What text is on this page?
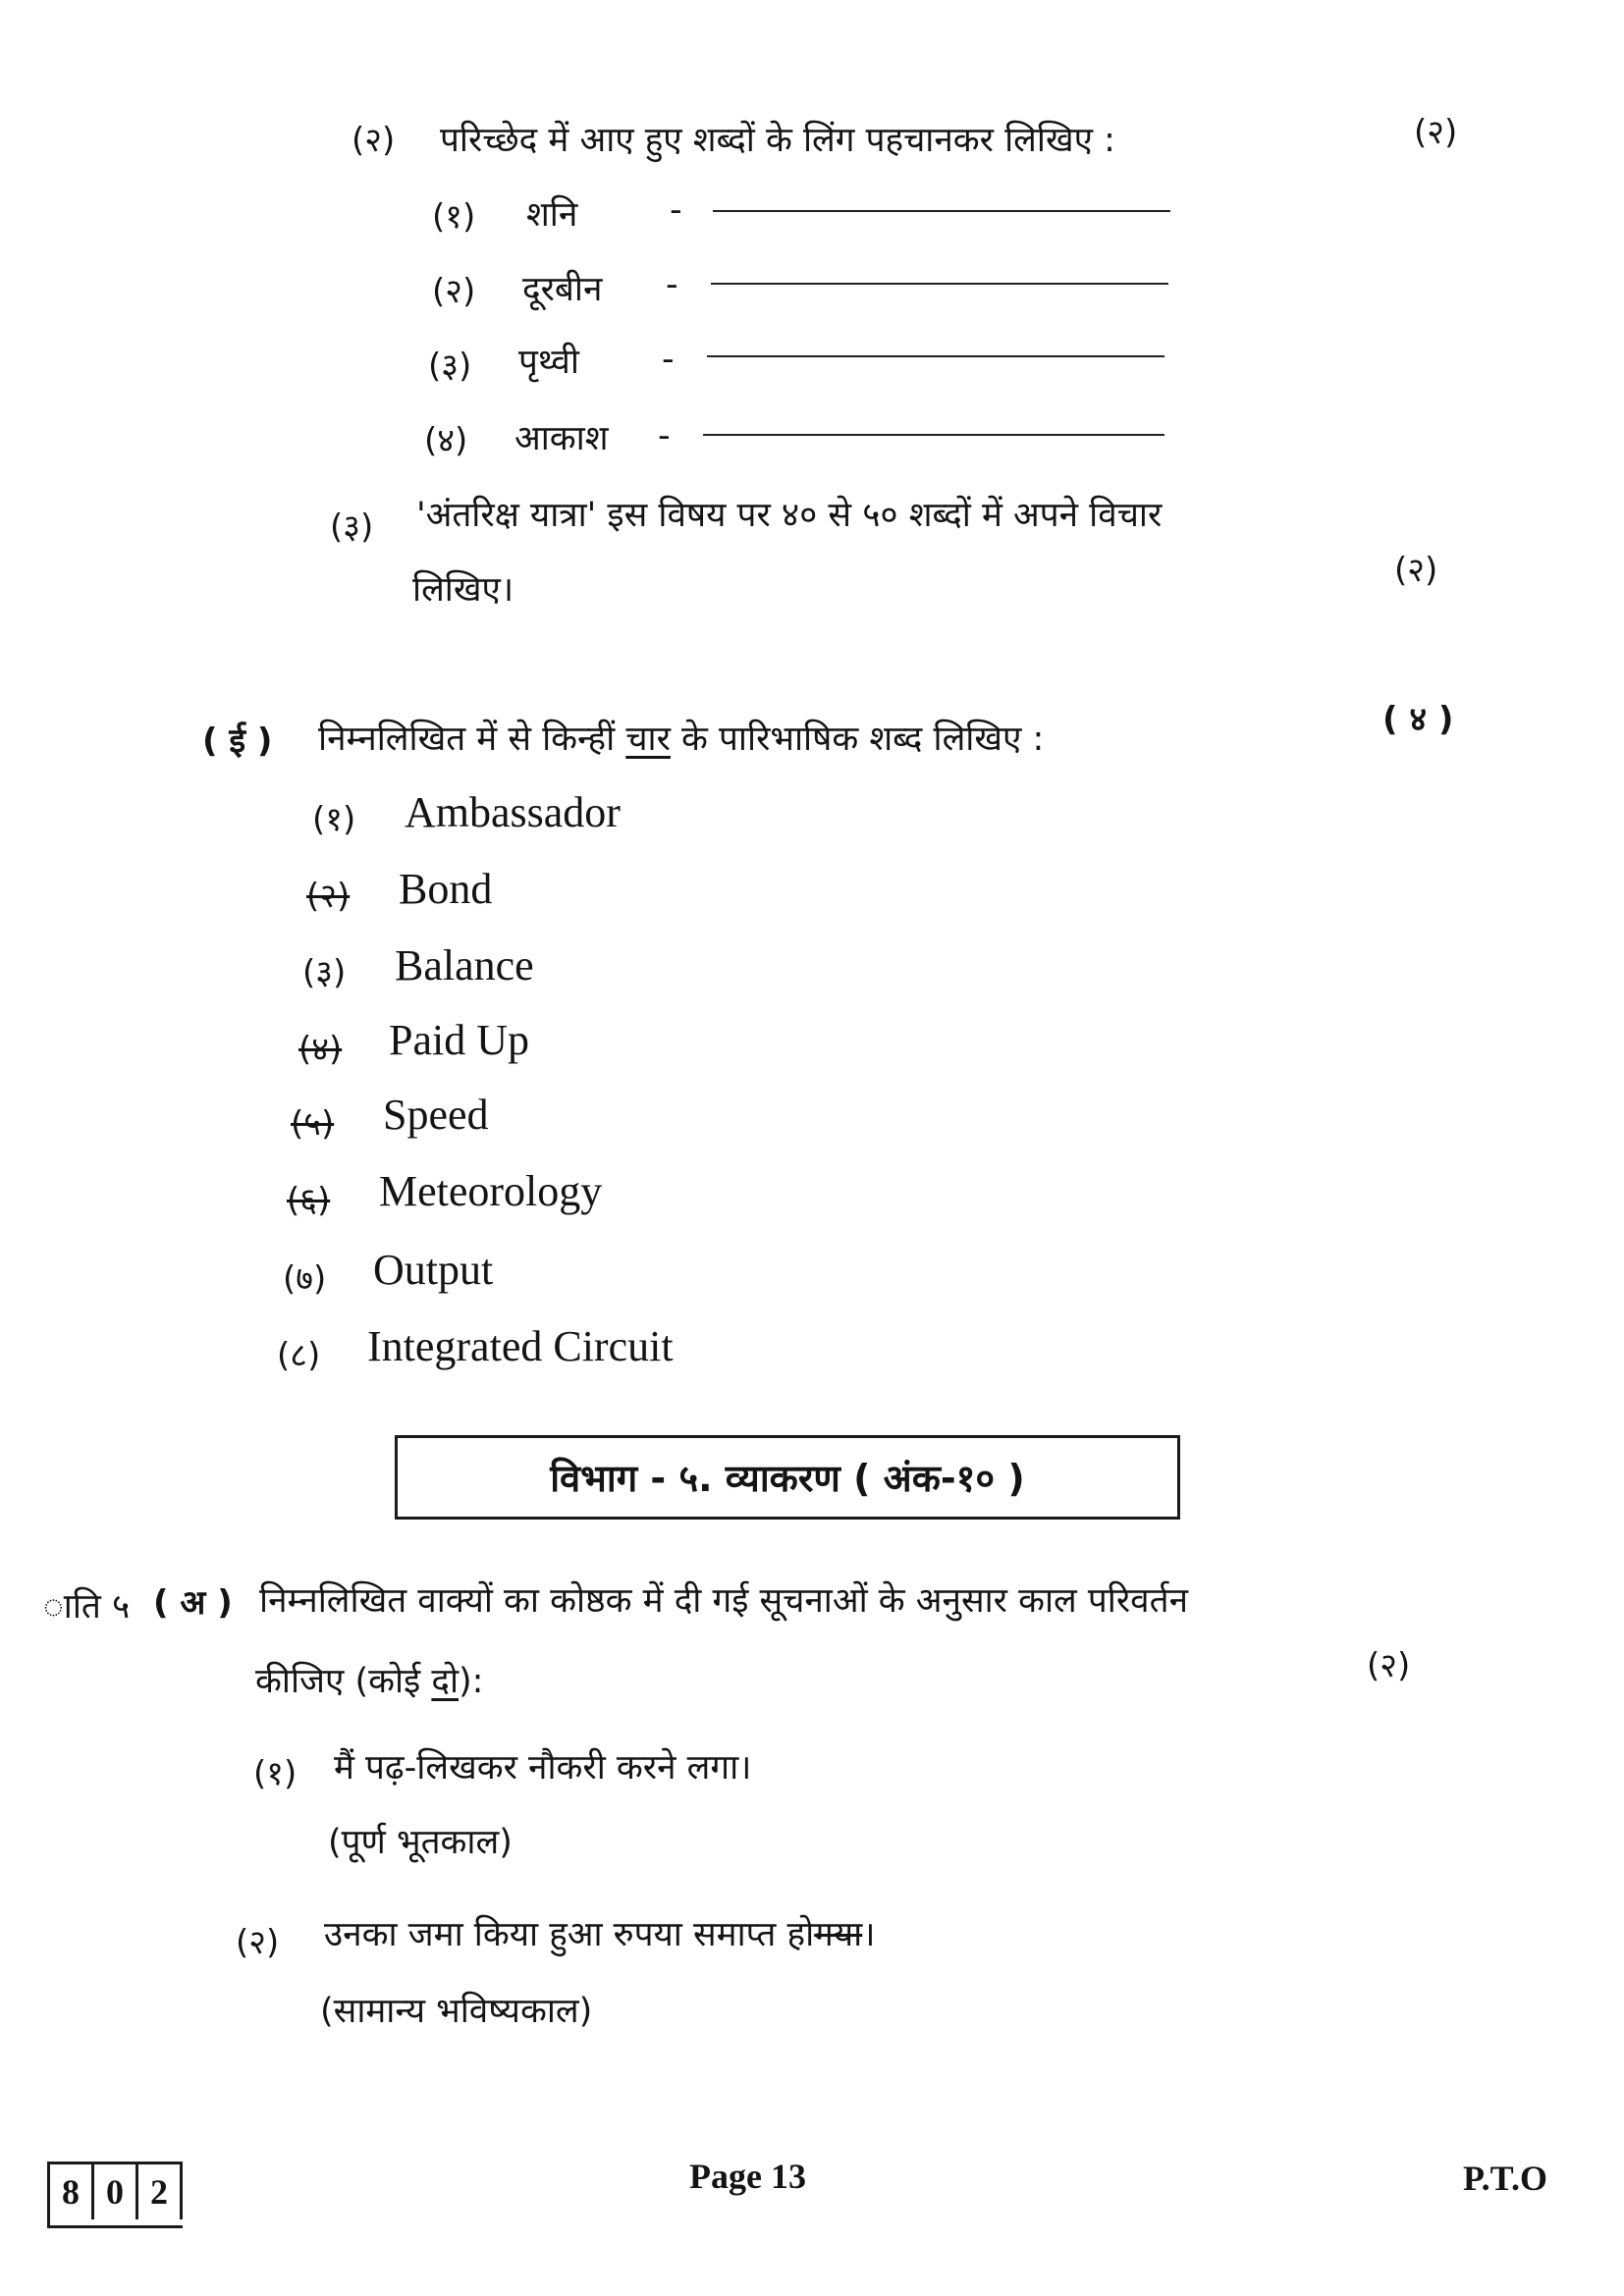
(२) परिच्छेद में आए हुए शब्दों के लिंग पहचानकर लिखिए :	(२)
(१) शनि	-
(२) दूरबीन -
(३) पृथ्वी -
(४) आकाश -
(३) 'अंतरिक्ष यात्रा' इस विषय पर ४० से ५० शब्दों में अपने विचार
लिखिए।	(२)
( ई ) निम्नलिखित में से किन्हीं चार के पारिभाषिक शब्द लिखिए :	( ४ )
(१) Ambassador
(२) Bond
(३) Balance
(४) Paid Up
(५) Speed
(६) Meteorology
(७) Output
(८) Integrated Circuit
विभाग - ५. व्याकरण ( अंक-१० )
ाति ५ ( अ ) निम्नलिखित वाक्यों का कोष्ठक में दी गई सूचनाओं के अनुसार काल परिवर्तन
कीजिए (कोई दो):	(२)
(१) मैं पढ़-लिखकर नौकरी करने लगा।
(पूर्ण भूतकाल)
(२) उनका जमा किया हुआ रुपया समाप्त होगया।
(सामान्य भविष्यकाल)
8 0 2	Page 13	P.T.O
